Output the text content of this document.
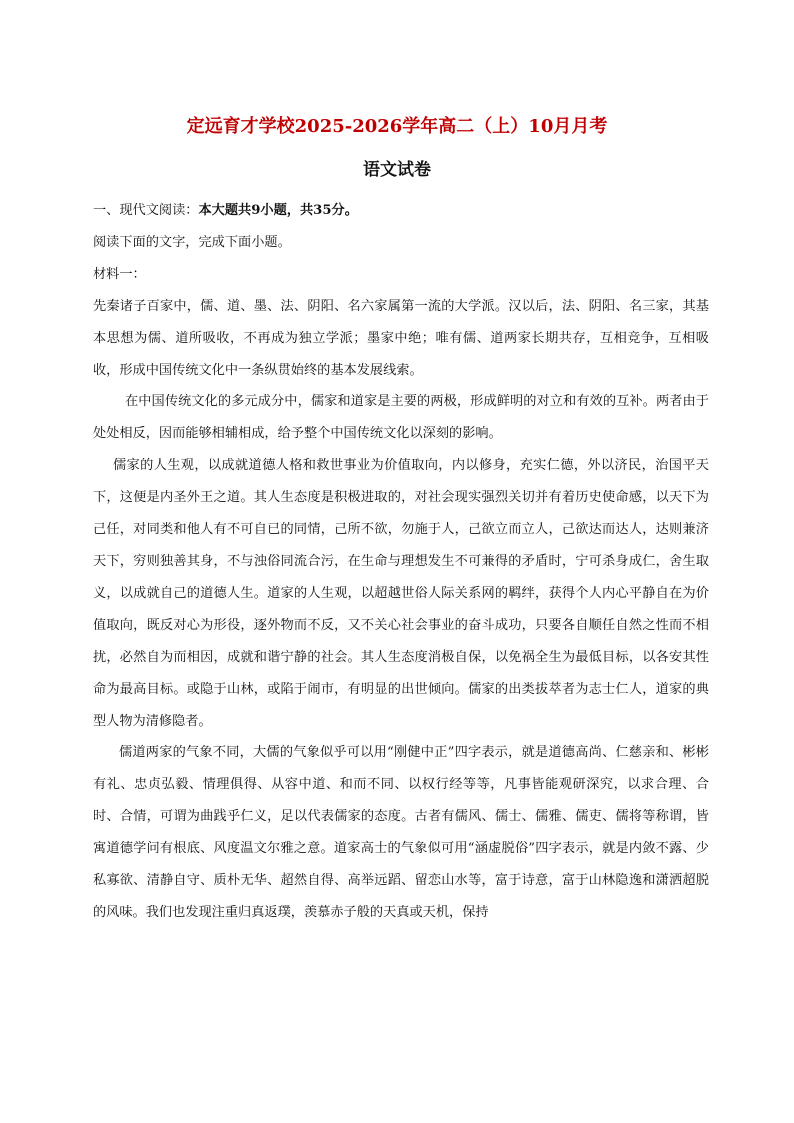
定远育才学校2025-2026学年高二（上）10月月考
语文试卷

一、现代文阅读：本大题共9小题，共35分。

阅读下面的文字，完成下面小题。

材料一：

先秦诸子百家中，儒、道、墨、法、阴阳、名六家属第一流的大学派。汉以后，法、阴阳、名三家，其基本思想为儒、道所吸收，不再成为独立学派；墨家中绝；唯有儒、道两家长期共存，互相竞争，互相吸收，形成中国传统文化中一条纵贯始终的基本发展线索。

在中国传统文化的多元成分中，儒家和道家是主要的两极，形成鲜明的对立和有效的互补。两者由于处处相反，因而能够相辅相成，给予整个中国传统文化以深刻的影响。

儒家的人生观，以成就道德人格和救世事业为价值取向，内以修身，充实仁德，外以济民，治国平天下，这便是内圣外王之道。其人生态度是积极进取的，对社会现实强烈关切并有着历史使命感，以天下为己任，对同类和他人有不可自已的同情，己所不欲，勿施于人，己欲立而立人，己欲达而达人，达则兼济天下，穷则独善其身，不与浊俗同流合污，在生命与理想发生不可兼得的矛盾时，宁可杀身成仁，舍生取义，以成就自己的道德人生。道家的人生观，以超越世俗人际关系网的羁绊，获得个人内心平静自在为价值取向，既反对心为形役，逐外物而不反，又不关心社会事业的奋斗成功，只要各自顺任自然之性而不相扰，必然自为而相因，成就和谐宁静的社会。其人生态度消极自保，以免祸全生为最低目标，以各安其性命为最高目标。或隐于山林，或陷于闹市，有明显的出世倾向。儒家的出类拔萃者为志士仁人，道家的典型人物为清修隐者。

儒道两家的气象不同，大儒的气象似乎可以用“刚健中正”四字表示，就是道德高尚、仁慈亲和、彬彬有礼、忠贞弘毅、情理俱得、从容中道、和而不同、以权行经等等，凡事皆能观研深究，以求合理、合时、合情，可谓为曲践乎仁义，足以代表儒家的态度。古者有儒风、儒士、儒雅、儒吏、儒将等称谓，皆寓道德学问有根底、风度温文尔雅之意。道家高士的气象似可用“涵虚脱俗”四字表示，就是内敛不露、少私寡欲、清静自守、质朴无华、超然自得、高举远蹈、留恋山水等，富于诗意，富于山林隐逸和潇洒超脱的风味。我们也发现注重归真返璞，羡慕赤子般的天真或天机，保持
